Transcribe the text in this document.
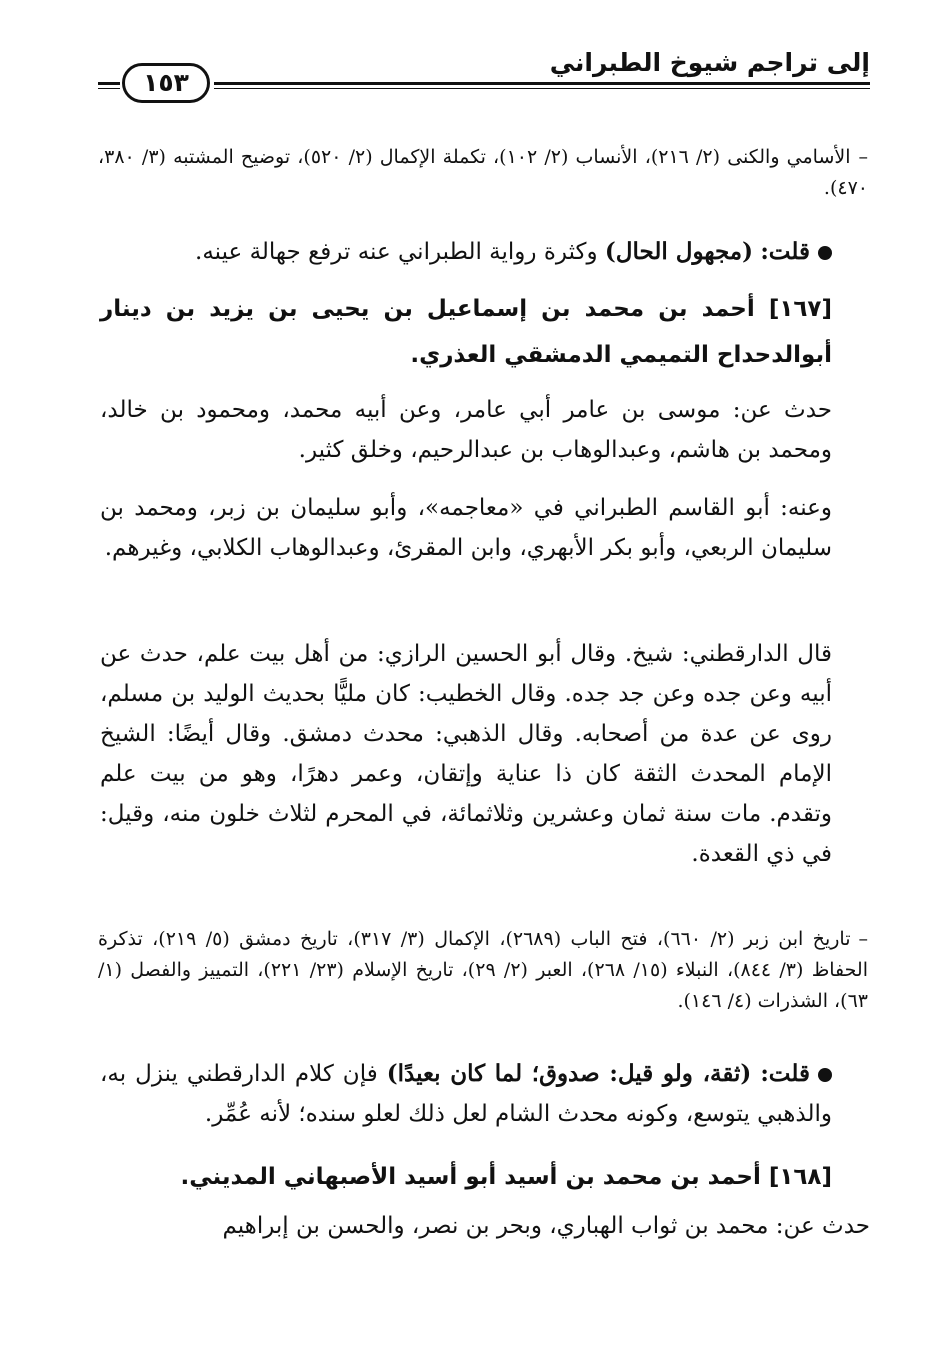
إلى تراجم شيوخ الطبراني
١٥٣

–الأسامي والكنى (٢/ ٢١٦)، الأنساب (٢/ ١٠٢)، تكملة الإكمال (٢/ ٥٢٠)، توضيح المشتبه (٣/ ٣٨٠، ٤٧٠).

قلت: (مجهول الحال) وكثرة رواية الطبراني عنه ترفع جهالة عينه.

[١٦٧] أحمد بن محمد بن إسماعيل بن يحيى بن يزيد بن دينار أبوالدحداح التميمي الدمشقي العذري.

حدث عن: موسى بن عامر أبي عامر، وعن أبيه محمد، ومحمود بن خالد، ومحمد بن هاشم، وعبدالوهاب بن عبدالرحيم، وخلق كثير.

وعنه: أبو القاسم الطبراني في «معاجمه»، وأبو سليمان بن زبر، ومحمد بن سليمان الربعي، وأبو بكر الأبهري، وابن المقرئ، وعبدالوهاب الكلابي، وغيرهم.

قال الدارقطني: شيخ. وقال أبو الحسين الرازي: من أهل بيت علم، حدث عن أبيه وعن جده وعن جد جده. وقال الخطيب: كان مليًّا بحديث الوليد بن مسلم، روى عن عدة من أصحابه. وقال الذهبي: محدث دمشق. وقال أيضًا: الشيخ الإمام المحدث الثقة كان ذا عناية وإتقان، وعمر دهرًا، وهو من بيت علم وتقدم. مات سنة ثمان وعشرين وثلاثمائة، في المحرم لثلاث خلون منه، وقيل: في ذي القعدة.

–تاريخ ابن زبر (٢/ ٦٦٠)، فتح الباب (٢٦٨٩)، الإكمال (٣/ ٣١٧)، تاريخ دمشق (٥/ ٢١٩)، تذكرة الحفاظ (٣/ ٨٤٤)، النبلاء (١٥/ ٢٦٨)، العبر (٢/ ٢٩)، تاريخ الإسلام (٢٣/ ٢٢١)، التمييز والفصل (١/ ٦٣)، الشذرات (٤/ ١٤٦).

قلت: (ثقة، ولو قيل: صدوق؛ لما كان بعيدًا) فإن كلام الدارقطني ينزل به، والذهبي يتوسع، وكونه محدث الشام لعل ذلك لعلو سنده؛ لأنه عُمِّر.

[١٦٨] أحمد بن محمد بن أسيد أبو أسيد الأصبهاني المديني.

حدث عن: محمد بن ثواب الهباري، وبحر بن نصر، والحسن بن إبراهيم
